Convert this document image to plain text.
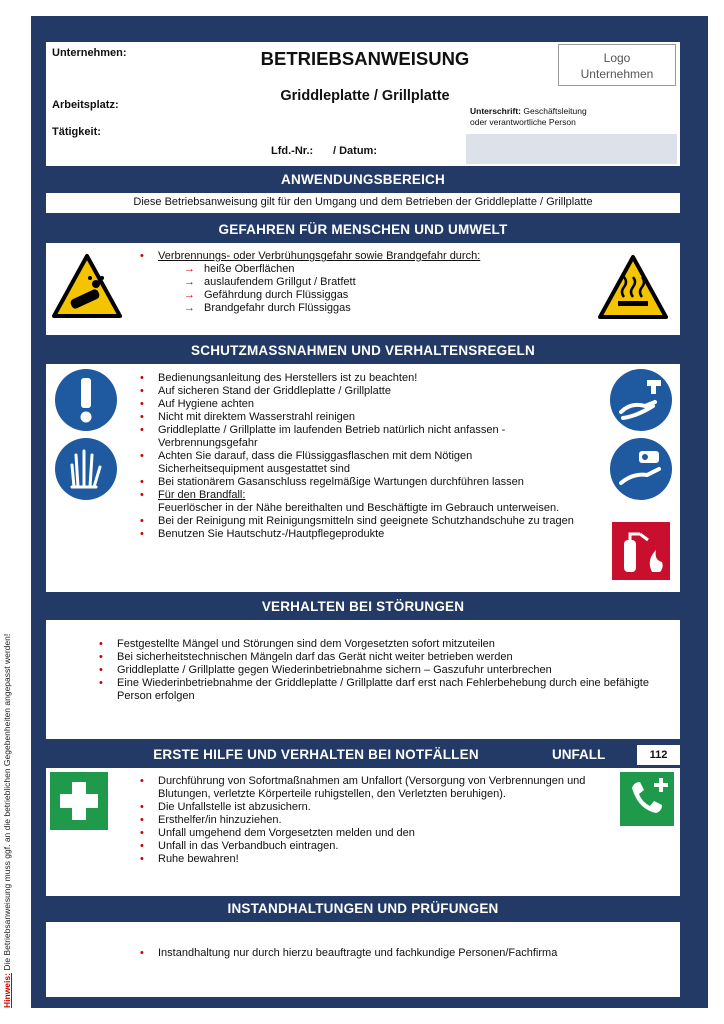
Hinweis: Die Betriebsanweisung muss ggf. an die betrieblichen Gegebenheiten angepasst werden!
Unternehmen:	BETRIEBSANWEISUNG
Griddleplatte / Grillplatte
Arbeitsplatz:
Tätigkeit:
Logo
Unternehmen
Unterschrift: Geschäftsleitung
oder verantwortliche Person
Lfd.-Nr.: / Datum:
ANWENDUNGSBEREICH
Diese Betriebsanweisung gilt für den Umgang und dem Betrieben der Griddleplatte / Grillplatte
GEFAHREN FÜR MENSCHEN UND UMWELT
• Verbrennungs- oder Verbrühungsgefahr sowie Brandgefahr durch:
→ heiße Oberflächen
→ auslaufendem Grillgut / Bratfett
→ Gefährdung durch Flüssiggas
→ Brandgefahr durch Flüssiggas
SCHUTZMASSNAHMEN UND VERHALTENSREGELN
• Bedienungsanleitung des Herstellers ist zu beachten!
• Auf sicheren Stand der Griddleplatte / Grillplatte
• Auf Hygiene achten
• Nicht mit direktem Wasserstrahl reinigen
• Griddleplatte / Grillplatte im laufenden Betrieb natürlich nicht anfassen - Verbrennungsgefahr
• Achten Sie darauf, dass die Flüssiggasflaschen mit dem Nötigen Sicherheitsequipment ausgestattet sind
• Bei stationärem Gasanschluss regelmäßige Wartungen durchführen lassen
• Für den Brandfall:
Feuerlöscher in der Nähe bereithalten und Beschäftigte im Gebrauch unterweisen.
• Bei der Reinigung mit Reinigungsmitteln sind geeignete Schutzhandschuhe zu tragen
• Benutzen Sie Hautschutz-/Hautpflegeprodukte
VERHALTEN BEI STÖRUNGEN
• Festgestellte Mängel und Störungen sind dem Vorgesetzten sofort mitzuteilen
• Bei sicherheitstechnischen Mängeln darf das Gerät nicht weiter betrieben werden
• Griddleplatte / Grillplatte gegen Wiederinbetriebnahme sichern – Gaszufuhr unterbrechen
• Eine Wiederinbetriebnahme der Griddleplatte / Grillplatte darf erst nach Fehlerbehebung durch eine befähigte Person erfolgen
ERSTE HILFE UND VERHALTEN BEI NOTFÄLLEN	UNFALL	112
• Durchführung von Sofortmaßnahmen am Unfallort (Versorgung von Verbrennungen und Blutungen, verletzte Körperteile ruhigstellen, den Verletzten beruhigen).
• Die Unfallstelle ist abzusichern.
• Ersthelfer/in hinzuziehen.
• Unfall umgehend dem Vorgesetzten melden und den
• Unfall in das Verbandbuch eintragen.
• Ruhe bewahren!
INSTANDHALTUNGEN UND PRÜFUNGEN
• Instandhaltung nur durch hierzu beauftragte und fachkundige Personen/Fachfirma
